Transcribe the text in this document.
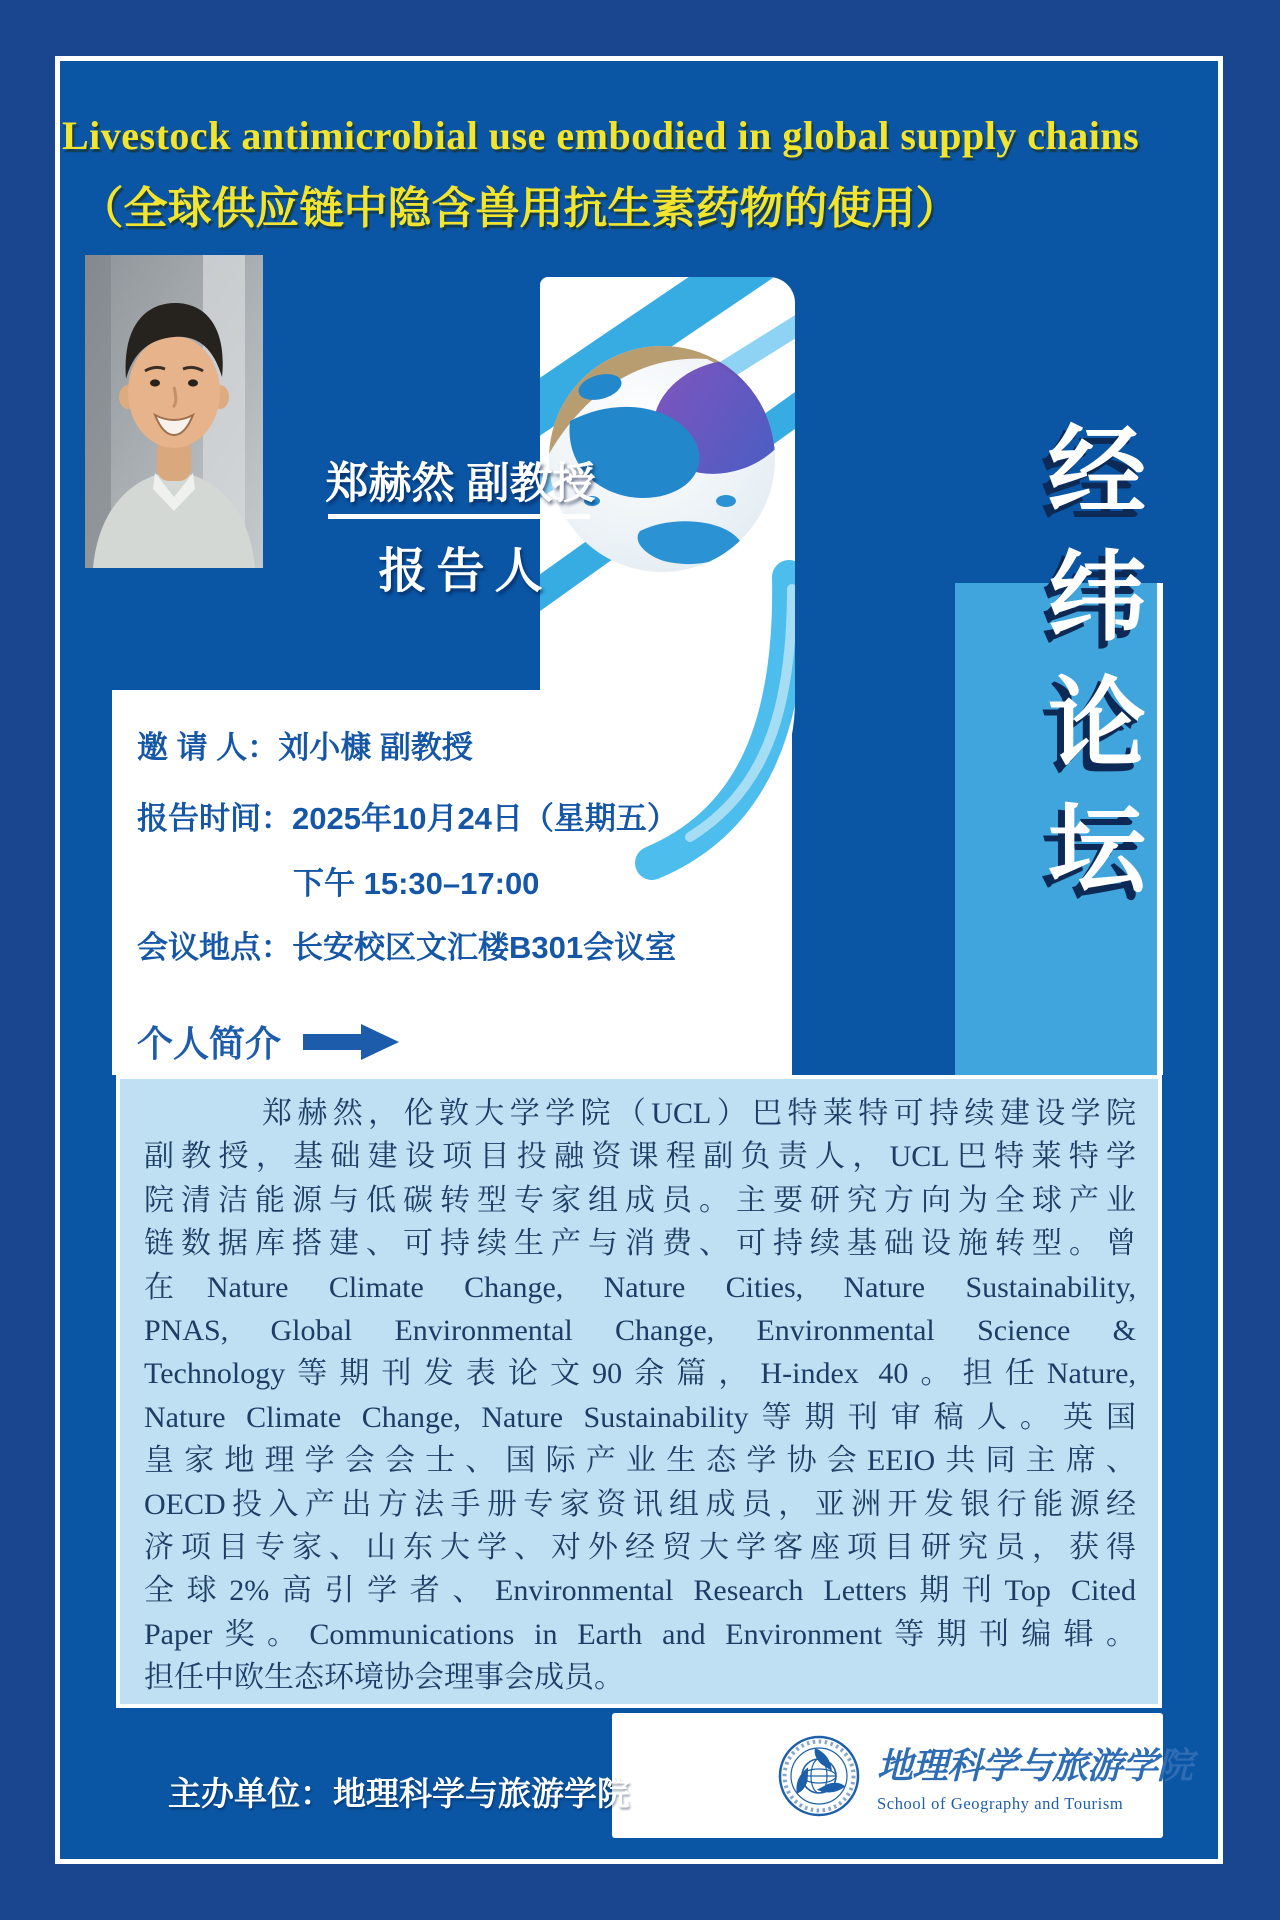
Livestock antimicrobial use embodied in global supply chains
（全球供应链中隐含兽用抗生素药物的使用）
郑赫然 副教授
报告人
邀 请 人：刘小槺 副教授
报告时间：2025年10月24日（星期五）
下午 15:30–17:00
会议地点：长安校区文汇楼B301会议室
个人简介
经
纬
论
坛
郑赫然，伦敦大学学院（UCL）巴特莱特可持续建设学院
副教授，基础建设项目投融资课程副负责人，UCL巴特莱特学
院清洁能源与低碳转型专家组成员。主要研究方向为全球产业
链数据库搭建、可持续生产与消费、可持续基础设施转型。曾
在Nature Climate Change, Nature Cities, Nature Sustainability,
PNAS, Global Environmental Change, Environmental Science &
Technology等期刊发表论文90余篇，H-index 40。担任Nature,
Nature Climate Change, Nature Sustainability等期刊审稿人。英国
皇家地理学会会士、国际产业生态学协会EEIO共同主席、
OECD投入产出方法手册专家资讯组成员，亚洲开发银行能源经
济项目专家、山东大学、对外经贸大学客座项目研究员，获得
全球2%高引学者、Environmental Research Letters期刊Top Cited
Paper奖。Communications in Earth and Environment等期刊编辑。
担任中欧生态环境协会理事会成员。
主办单位：地理科学与旅游学院
地理科学与旅游学院
School of Geography and Tourism
